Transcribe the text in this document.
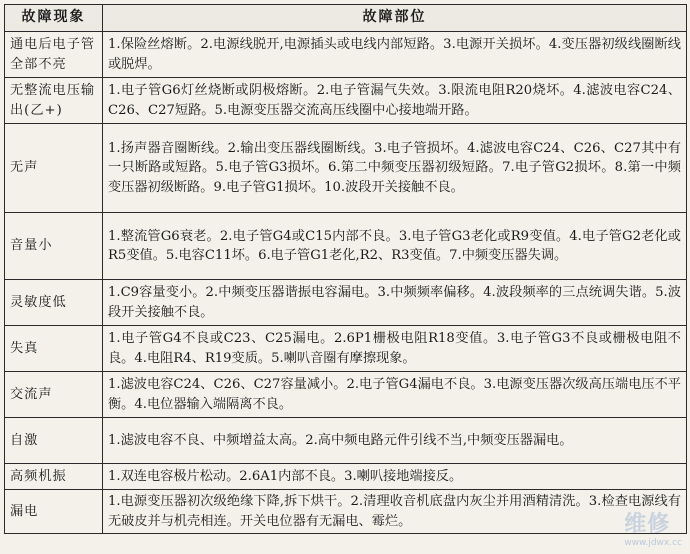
故障现象	故障部位
通电后电子管全部不亮	1.保险丝熔断。2.电源线脱开,电源插头或电线内部短路。3.电源开关损坏。4.变压器初级线圈断线或脱焊。
无整流电压输出(乙+)	1.电子管G6灯丝烧断或阴极熔断。2.电子管漏气失效。3.限流电阻R20烧坏。4.滤波电容C24、C26、C27短路。5.电源变压器交流高压线圈中心接地端开路。
无声	1.扬声器音圈断线。2.输出变压器线圈断线。3.电子管损坏。4.滤波电容C24、C26、C27其中有一只断路或短路。5.电子管G3损坏。6.第二中频变压器初级短路。7.电子管G2损坏。8.第一中频变压器初级断路。9.电子管G1损坏。10.波段开关接触不良。
音量小	1.整流管G6衰老。2.电子管G4或C15内部不良。3.电子管G3老化或R9变值。4.电子管G2老化或R5变值。5.电容C11坏。6.电子管G1老化,R2、R3变值。7.中频变压器失调。
灵敏度低	1.C9容量变小。2.中频变压器谐振电容漏电。3.中频频率偏移。4.波段频率的三点统调失谐。5.波段开关接触不良。
失真	1.电子管G4不良或C23、C25漏电。2.6P1栅极电阻R18变值。3.电子管G3不良或栅极电阻不良。4.电阻R4、R19变质。5.喇叭音圈有摩擦现象。
交流声	1.滤波电容C24、C26、C27容量减小。2.电子管G4漏电不良。3.电源变压器次级高压端电压不平衡。4.电位器输入端隔离不良。
自激	1.滤波电容不良、中频增益太高。2.高中频电路元件引线不当,中频变压器漏电。
高频机振	1.双连电容极片松动。2.6A1内部不良。3.喇叭接地端接反。
漏电	1.电源变压器初次级绝缘下降,拆下烘干。2.清理收音机底盘内灰尘并用酒精清洗。3.检查电源线有无破皮并与机壳相连。开关电位器有无漏电、霉烂。	维修
www.jdwx.cc
